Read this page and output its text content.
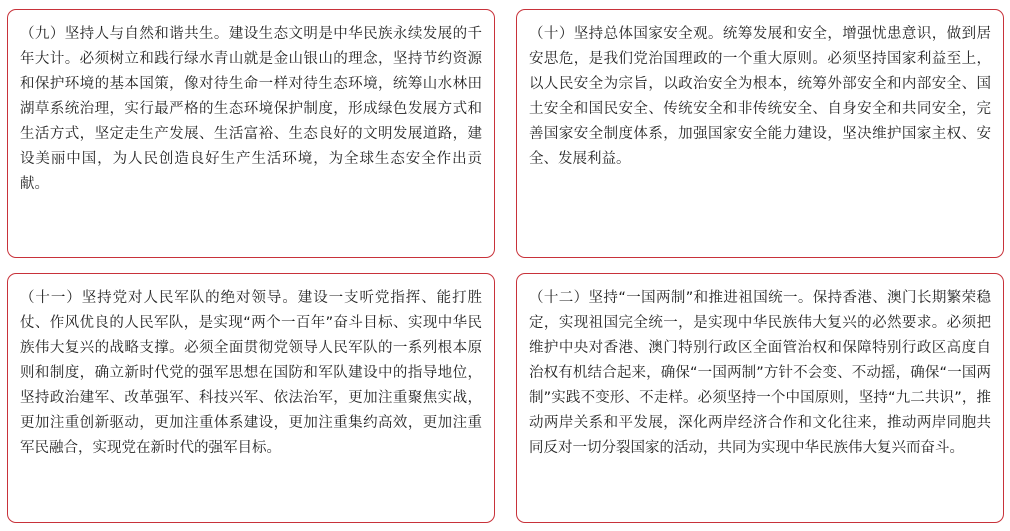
（九）坚持人与自然和谐共生。建设生态文明是中华民族永续发展的千年大计。必须树立和践行绿水青山就是金山银山的理念，坚持节约资源和保护环境的基本国策，像对待生命一样对待生态环境，统筹山水林田湖草系统治理，实行最严格的生态环境保护制度，形成绿色发展方式和生活方式，坚定走生产发展、生活富裕、生态良好的文明发展道路，建设美丽中国，为人民创造良好生产生活环境，为全球生态安全作出贡献。

（十）坚持总体国家安全观。统筹发展和安全，增强忧患意识，做到居安思危，是我们党治国理政的一个重大原则。必须坚持国家利益至上，以人民安全为宗旨，以政治安全为根本，统筹外部安全和内部安全、国土安全和国民安全、传统安全和非传统安全、自身安全和共同安全，完善国家安全制度体系，加强国家安全能力建设，坚决维护国家主权、安全、发展利益。

（十一）坚持党对人民军队的绝对领导。建设一支听党指挥、能打胜仗、作风优良的人民军队，是实现“两个一百年”奋斗目标、实现中华民族伟大复兴的战略支撑。必须全面贯彻党领导人民军队的一系列根本原则和制度，确立新时代党的强军思想在国防和军队建设中的指导地位，坚持政治建军、改革强军、科技兴军、依法治军，更加注重聚焦实战，更加注重创新驱动，更加注重体系建设，更加注重集约高效，更加注重军民融合，实现党在新时代的强军目标。

（十二）坚持“一国两制”和推进祖国统一。保持香港、澳门长期繁荣稳定，实现祖国完全统一，是实现中华民族伟大复兴的必然要求。必须把维护中央对香港、澳门特别行政区全面管治权和保障特别行政区高度自治权有机结合起来，确保“一国两制”方针不会变、不动摇，确保“一国两制”实践不变形、不走样。必须坚持一个中国原则，坚持“九二共识”，推动两岸关系和平发展，深化两岸经济合作和文化往来，推动两岸同胞共同反对一切分裂国家的活动，共同为实现中华民族伟大复兴而奋斗。
